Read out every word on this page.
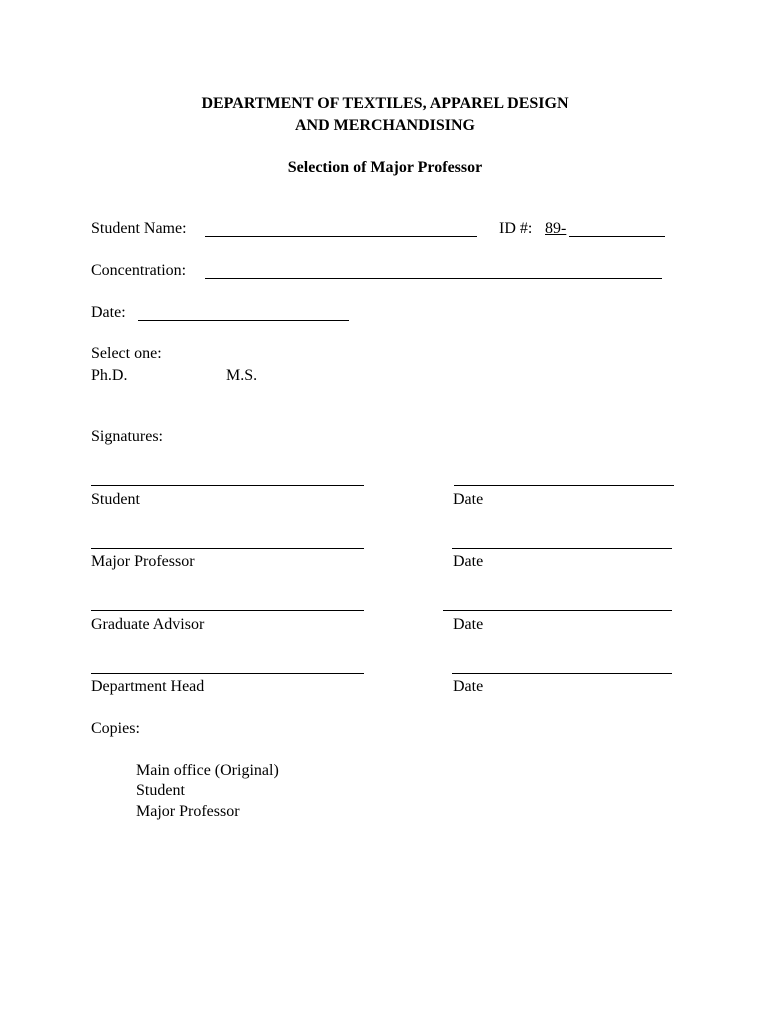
DEPARTMENT OF TEXTILES, APPAREL DESIGN
AND MERCHANDISING
Selection of Major Professor
Student Name:	ID #: 89-
Concentration:
Date:
Select one:
Ph.D.	M.S.
Signatures:
Student	Date
Major Professor	Date
Graduate Advisor	Date
Department Head	Date
Copies:
Main office (Original)
Student
Major Professor
